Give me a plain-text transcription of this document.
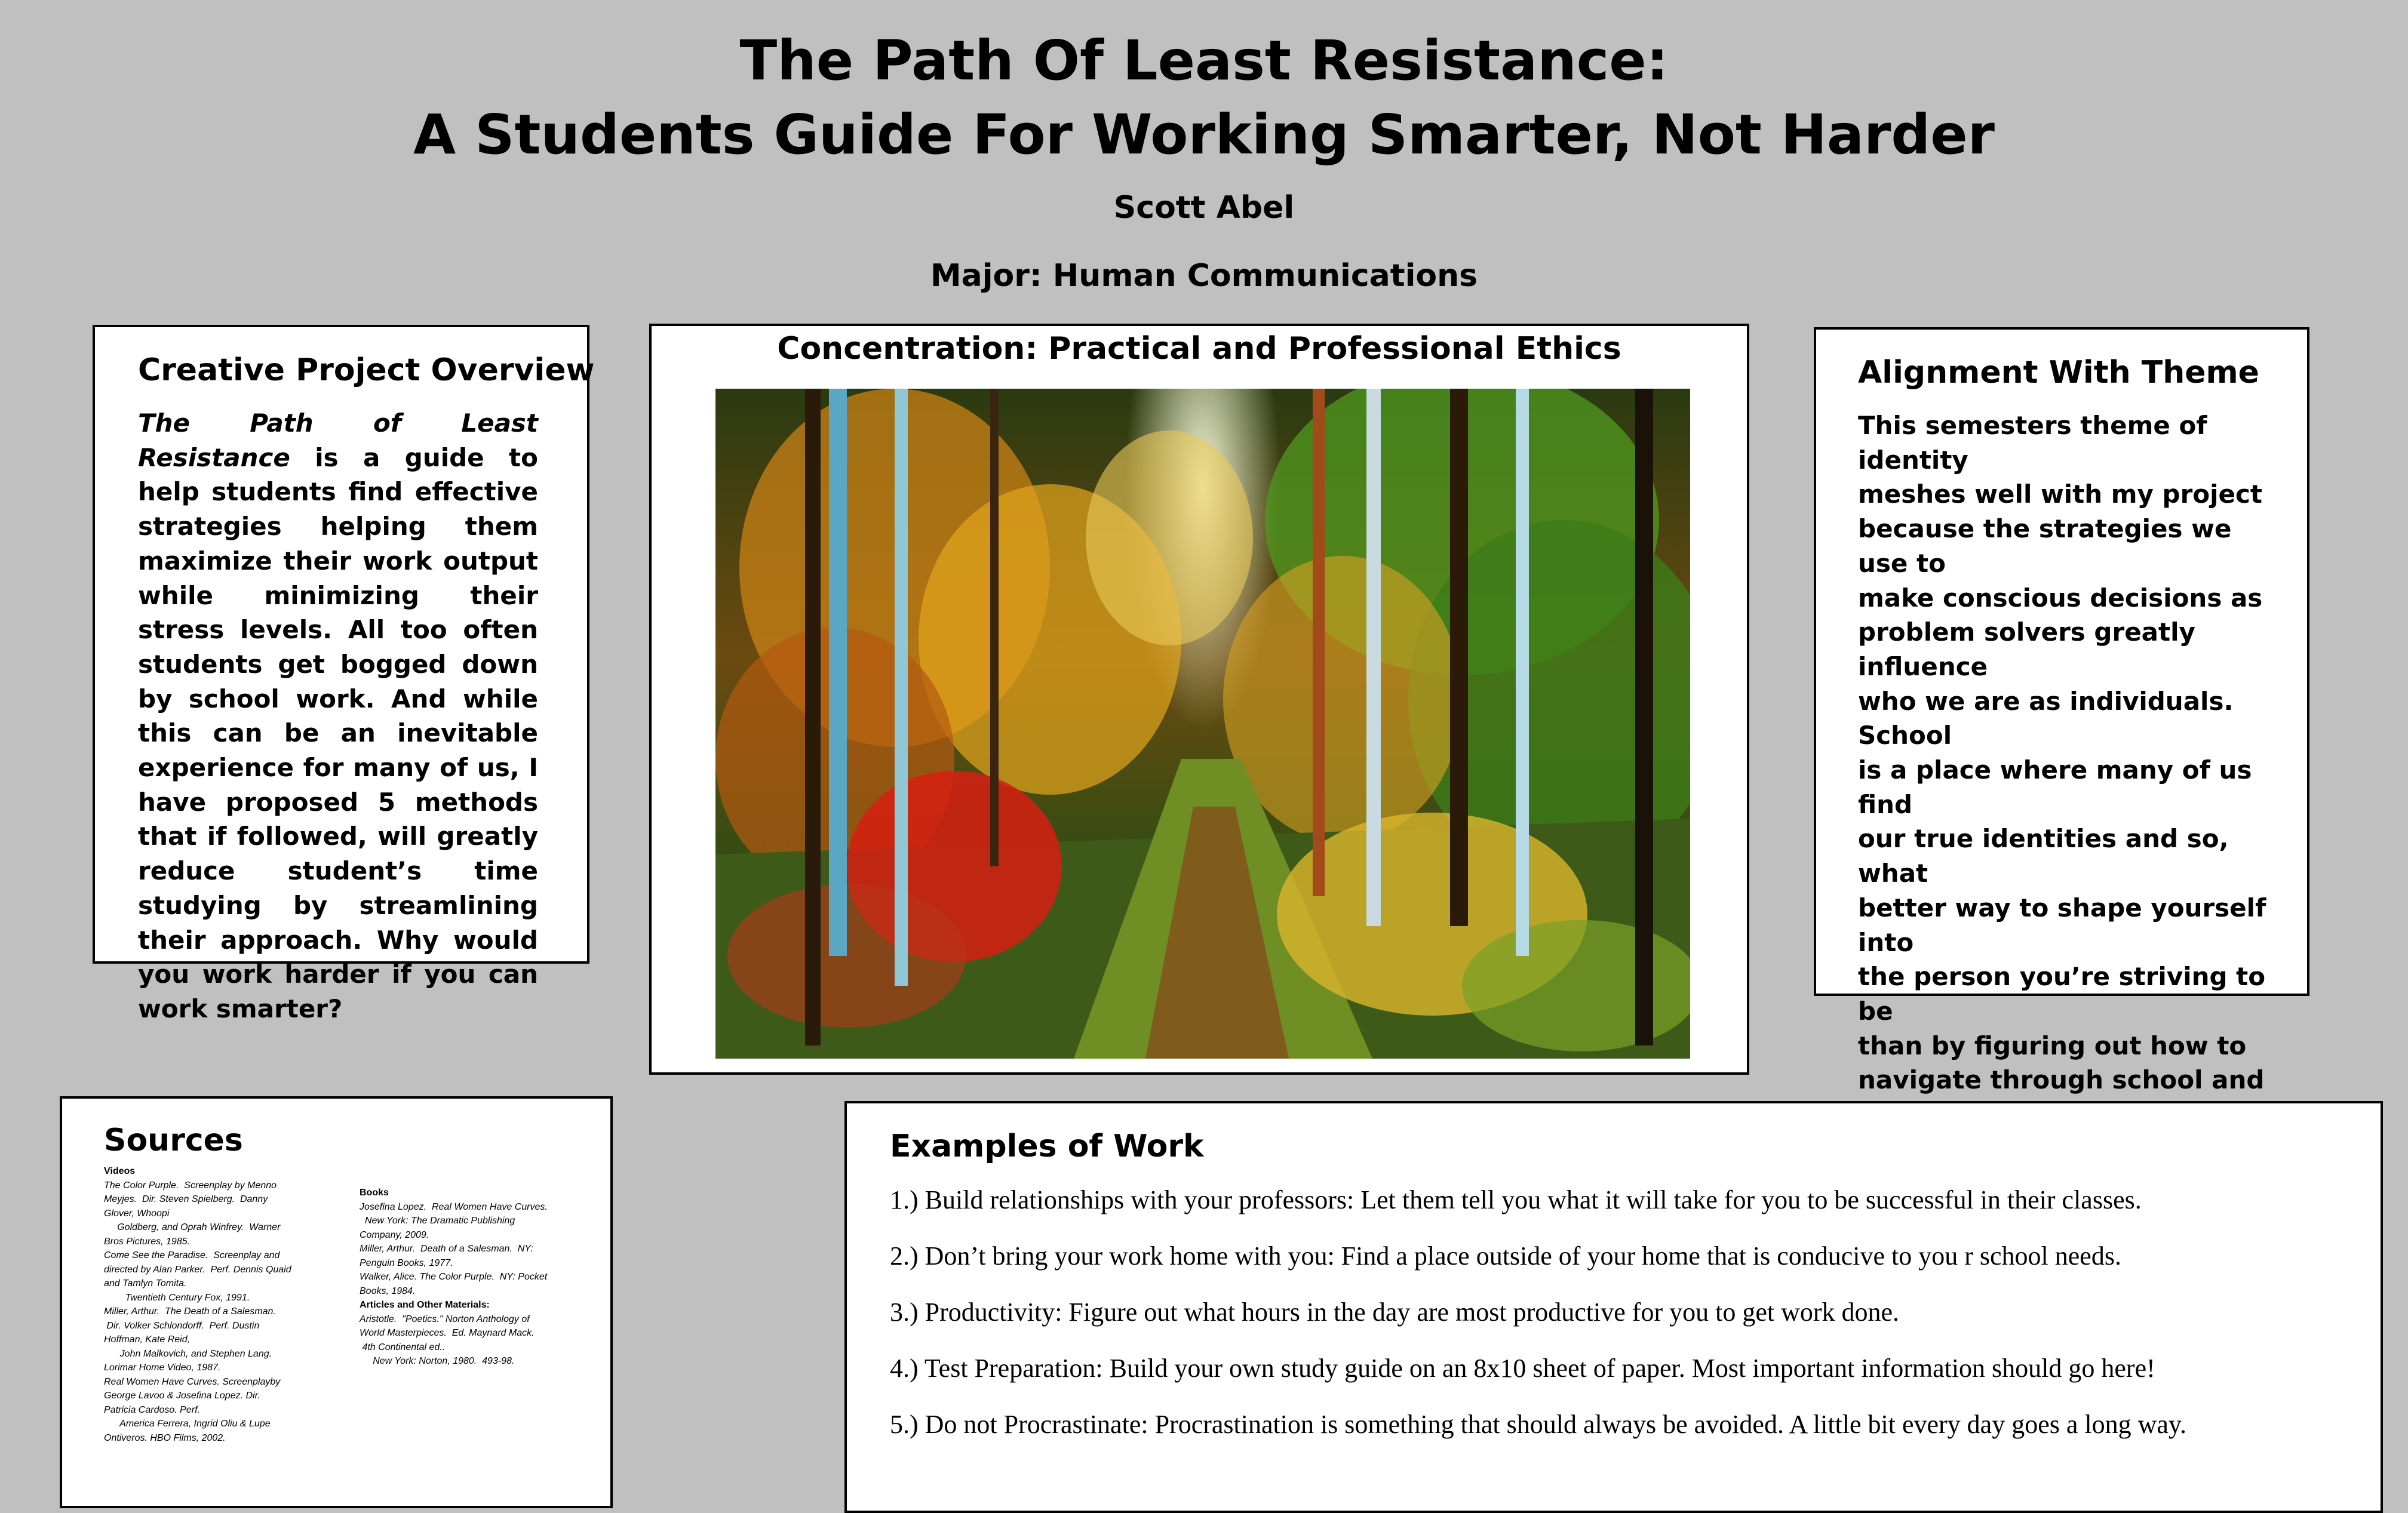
The Path Of Least Resistance:
A Students Guide For Working Smarter, Not Harder
Scott Abel
Major: Human Communications
Creative Project Overview

The Path of Least Resistance is a guide to help students find effective strategies helping them maximize their work output while minimizing their stress levels. All too often students get bogged down by school work. And while this can be an inevitable experience for many of us, I have proposed 5 methods that if followed, will greatly reduce student’s time studying by streamlining their approach. Why would you work harder if you can work smarter?

Concentration: Practical and Professional Ethics
Alignment With Theme
This semesters theme of identity
meshes well with my project
because the strategies we use to
make conscious decisions as
problem solvers greatly influence
who we are as individuals. School
is a place where many of us find
our true identities and so, what
better way to shape yourself into
the person you’re striving to be
than by figuring out how to
navigate through school and
Sources
Videos
The Color Purple.  Screenplay by Menno
Meyjes.  Dir. Steven Spielberg.  Danny
Glover, Whoopi
Goldberg, and Oprah Winfrey.  Warner
Bros Pictures, 1985.
Come See the Paradise.  Screenplay and
directed by Alan Parker.  Perf. Dennis Quaid
and Tamlyn Tomita.
Twentieth Century Fox, 1991.
Miller, Arthur.  The Death of a Salesman.
Dir. Volker Schlondorff.  Perf. Dustin
Hoffman, Kate Reid,
John Malkovich, and Stephen Lang.
Lorimar Home Video, 1987.
Real Women Have Curves. Screenplayby
George Lavoo & Josefina Lopez. Dir.
Patricia Cardoso. Perf.
America Ferrera, Ingrid Oliu & Lupe
Ontiveros. HBO Films, 2002.
Books
Josefina Lopez.  Real Women Have Curves.
New York: The Dramatic Publishing
Company, 2009.
Miller, Arthur.  Death of a Salesman.  NY:
Penguin Books, 1977.
Walker, Alice. The Color Purple.  NY: Pocket
Books, 1984.
Articles and Other Materials:
Aristotle.  "Poetics." Norton Anthology of
World Masterpieces.  Ed. Maynard Mack.
4th Continental ed..
New York: Norton, 1980.  493-98.
Examples of Work
1.) Build relationships with your professors: Let them tell you what it will take for you to be successful in their classes.
2.) Don’t bring your work home with you: Find a place outside of your home that is conducive to you r school needs.
3.) Productivity: Figure out what hours in the day are most productive for you to get work done.
4.) Test Preparation: Build your own study guide on an 8x10 sheet of paper. Most important information should go here!
5.) Do not Procrastinate: Procrastination is something that should always be avoided. A little bit every day goes a long way.
